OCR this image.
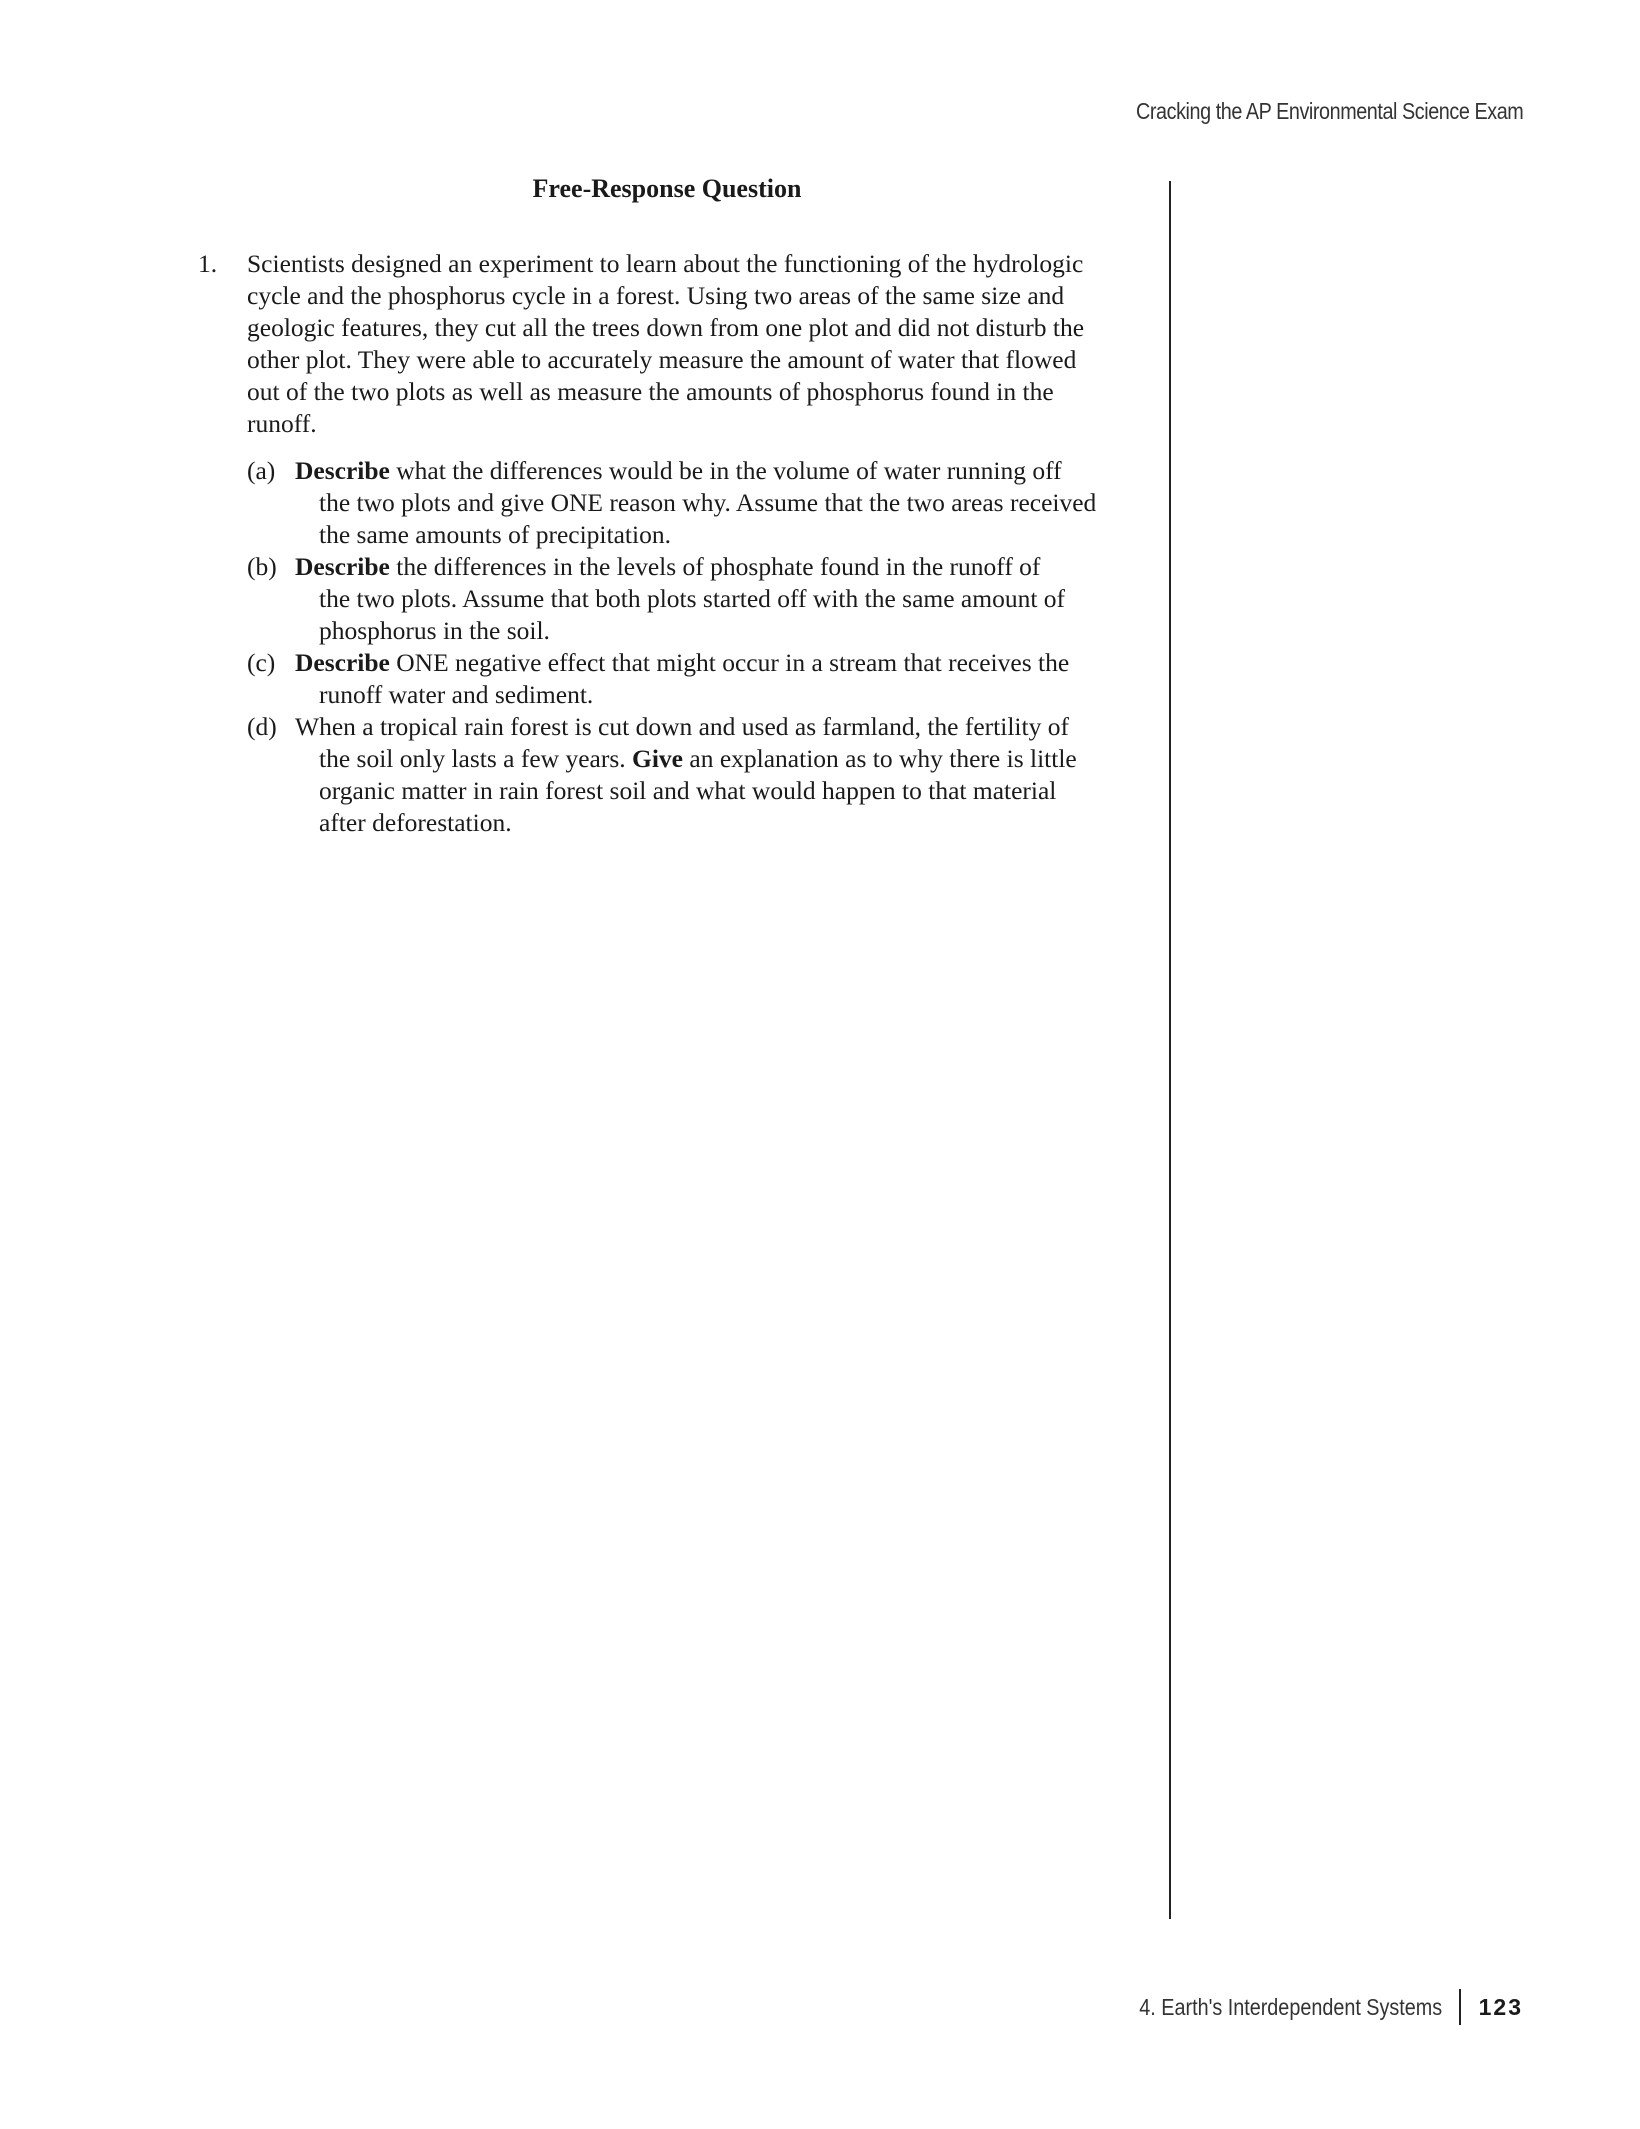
Cracking the AP Environmental Science Exam
Free-Response Question
1. Scientists designed an experiment to learn about the functioning of the hydrologic
cycle and the phosphorus cycle in a forest. Using two areas of the same size and
geologic features, they cut all the trees down from one plot and did not disturb the
other plot. They were able to accurately measure the amount of water that flowed
out of the two plots as well as measure the amounts of phosphorus found in the
runoff.
(a) Describe what the differences would be in the volume of water running off
the two plots and give ONE reason why. Assume that the two areas received
the same amounts of precipitation.
(b) Describe the differences in the levels of phosphate found in the runoff of
the two plots. Assume that both plots started off with the same amount of
phosphorus in the soil.
(c) Describe ONE negative effect that might occur in a stream that receives the
runoff water and sediment.
(d) When a tropical rain forest is cut down and used as farmland, the fertility of
the soil only lasts a few years. Give an explanation as to why there is little
organic matter in rain forest soil and what would happen to that material
after deforestation.
4. Earth's Interdependent Systems 123
